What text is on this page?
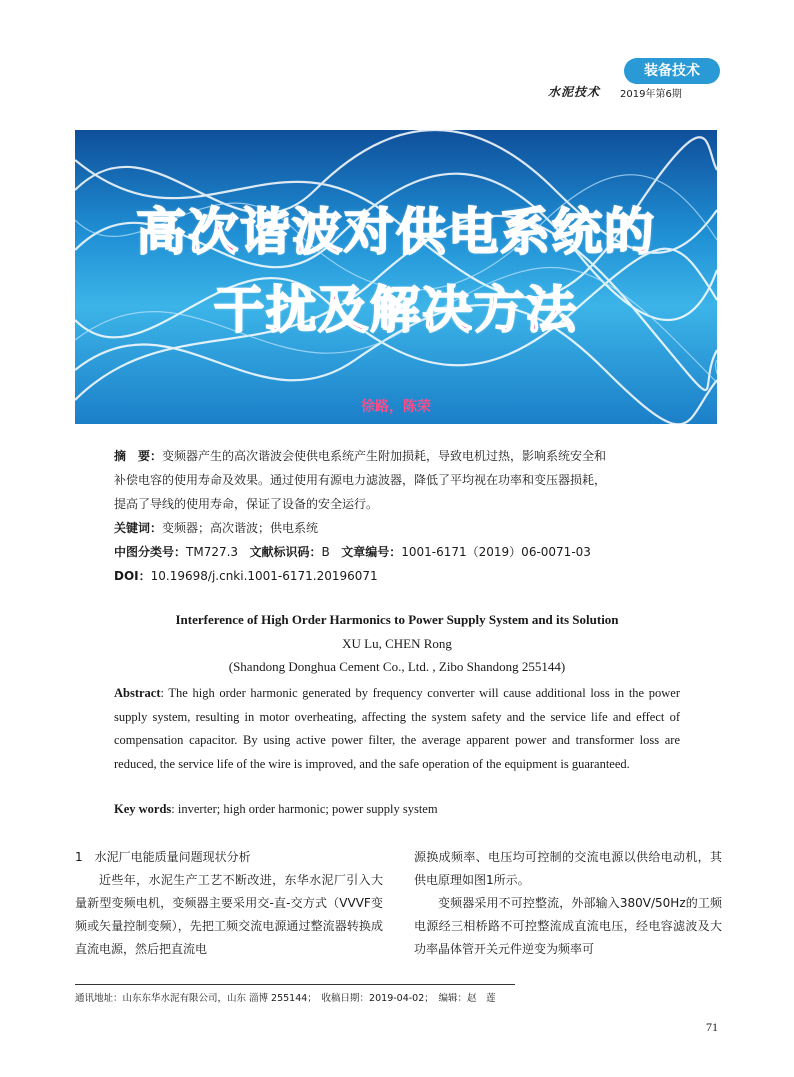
装备技术
水泥技术 2019年第6期
高次谐波对供电系统的
干扰及解决方法
徐路，陈荣
摘　要：变频器产生的高次谐波会使供电系统产生附加损耗，导致电机过热，影响系统安全和
补偿电容的使用寿命及效果。通过使用有源电力滤波器，降低了平均视在功率和变压器损耗，
提高了导线的使用寿命，保证了设备的安全运行。
关键词：变频器；高次谐波；供电系统
中图分类号：TM727.3 文献标识码：B 文章编号：1001-6171（2019）06-0071-03
DOI：10.19698/j.cnki.1001-6171.20196071
Interference of High Order Harmonics to Power Supply System and its Solution
XU Lu, CHEN Rong
(Shandong Donghua Cement Co., Ltd. , Zibo Shandong 255144)
Abstract: The high order harmonic generated by frequency converter will cause additional loss in the power supply system, resulting in motor overheating, affecting the system safety and the service life and effect of compensation capacitor. By using active power filter, the average apparent power and transformer loss are reduced, the service life of the wire is improved, and the safe operation of the equipment is guaranteed.
Key words: inverter; high order harmonic; power supply system

1　水泥厂电能质量问题现状分析

近些年，水泥生产工艺不断改进，东华水泥厂引入大量新型变频电机，变频器主要采用交-直-交方式（VVVF变频或矢量控制变频），先把工频交流电源通过整流器转换成直流电源，然后把直流电

源换成频率、电压均可控制的交流电源以供给电动机，其供电原理如图1所示。

变频器采用不可控整流，外部输入380V/50Hz的工频电源经三相桥路不可控整流成直流电压，经电容滤波及大功率晶体管开关元件逆变为频率可

通讯地址：山东东华水泥有限公司，山东 淄博 255144；　收稿日期：2019-04-02；　编辑：赵　莲
71
